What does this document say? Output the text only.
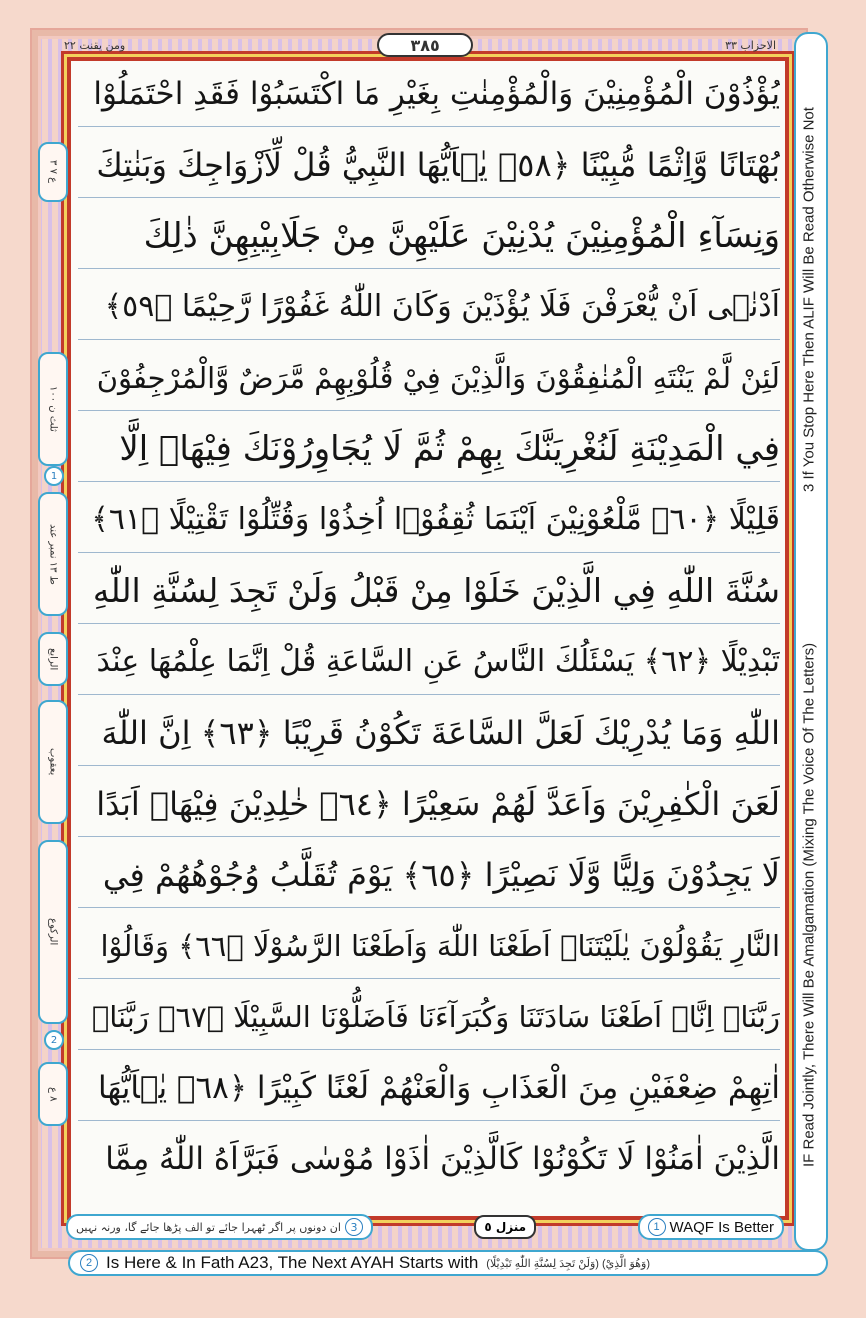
ومن يقنت ٢٢	٣٨٥	الاحزاب ٣٣
يُؤْذُوْنَ الْمُؤْمِنِيْنَ وَالْمُؤْمِنٰتِ بِغَيْرِ مَا اكْتَسَبُوْا فَقَدِ احْتَمَلُوْا
بُهْتَانًا وَّاِثْمًا مُّبِيْنًا ﴿٥٨﴾ يٰۤاَيُّهَا النَّبِيُّ قُلْ لِّاَزْوَاجِكَ وَبَنٰتِكَ
وَنِسَآءِ الْمُؤْمِنِيْنَ يُدْنِيْنَ عَلَيْهِنَّ مِنْ جَلَابِيْبِهِنَّ ذٰلِكَ
اَدْنٰۤى اَنْ يُّعْرَفْنَ فَلَا يُؤْذَيْنَ وَكَانَ اللّٰهُ غَفُوْرًا رَّحِيْمًا ﴿٥٩﴾
لَئِنْ لَّمْ يَنْتَهِ الْمُنٰفِقُوْنَ وَالَّذِيْنَ فِيْ قُلُوْبِهِمْ مَّرَضٌ وَّالْمُرْجِفُوْنَ
فِي الْمَدِيْنَةِ لَنُغْرِيَنَّكَ بِهِمْ ثُمَّ لَا يُجَاوِرُوْنَكَ فِيْهَاۤ اِلَّا
قَلِيْلًا ﴿٦٠﴾ مَّلْعُوْنِيْنَ اَيْنَمَا ثُقِفُوْۤا اُخِذُوْا وَقُتِّلُوْا تَقْتِيْلًا ﴿٦١﴾
سُنَّةَ اللّٰهِ فِي الَّذِيْنَ خَلَوْا مِنْ قَبْلُ وَلَنْ تَجِدَ لِسُنَّةِ اللّٰهِ
تَبْدِيْلًا ﴿٦٢﴾ يَسْئَلُكَ النَّاسُ عَنِ السَّاعَةِ قُلْ اِنَّمَا عِلْمُهَا عِنْدَ
اللّٰهِ وَمَا يُدْرِيْكَ لَعَلَّ السَّاعَةَ تَكُوْنُ قَرِيْبًا ﴿٦٣﴾ اِنَّ اللّٰهَ
لَعَنَ الْكٰفِرِيْنَ وَاَعَدَّ لَهُمْ سَعِيْرًا ﴿٦٤﴾ خٰلِدِيْنَ فِيْهَاۤ اَبَدًا
لَا يَجِدُوْنَ وَلِيًّا وَّلَا نَصِيْرًا ﴿٦٥﴾ يَوْمَ تُقَلَّبُ وُجُوْهُهُمْ فِي
النَّارِ يَقُوْلُوْنَ يٰلَيْتَنَاۤ اَطَعْنَا اللّٰهَ وَاَطَعْنَا الرَّسُوْلَا ﴿٦٦﴾ وَقَالُوْا
رَبَّنَاۤ اِنَّاۤ اَطَعْنَا سَادَتَنَا وَكُبَرَآءَنَا فَاَضَلُّوْنَا السَّبِيْلَا ﴿٦٧﴾ رَبَّنَاۤ
اٰتِهِمْ ضِعْفَيْنِ مِنَ الْعَذَابِ وَالْعَنْهُمْ لَعْنًا كَبِيْرًا ﴿٦٨﴾ يٰۤاَيُّهَا
الَّذِيْنَ اٰمَنُوْا لَا تَكُوْنُوْا كَالَّذِيْنَ اٰذَوْا مُوْسٰى فَبَرَّاَهُ اللّٰهُ مِمَّا
ع ٧ ٣
ثلث ن ١٠٠
1
ط ١٣ نمبر عند
الرابع
يعقوب
الركوع
2
٨ ع
3 If You Stop Here Then ALIF Will Be Read Otherwise Not
IF Read Jointly, There Will Be Amalgamation (Mixing The Voice Of The Letters)
3
ان دونوں پر اگر ٹھہرا جائے تو الف پڑھا جائے گا، ورنہ نہیں	منزل ٥	1 WAQF Is Better
2 Is Here & In Fath A23, The Next AYAH Starts with (وَلَنْ تَجِدَ لِسُنَّةِ اللّٰهِ تَبْدِيْلًا) (وَهُوَ الَّذِيْ)
